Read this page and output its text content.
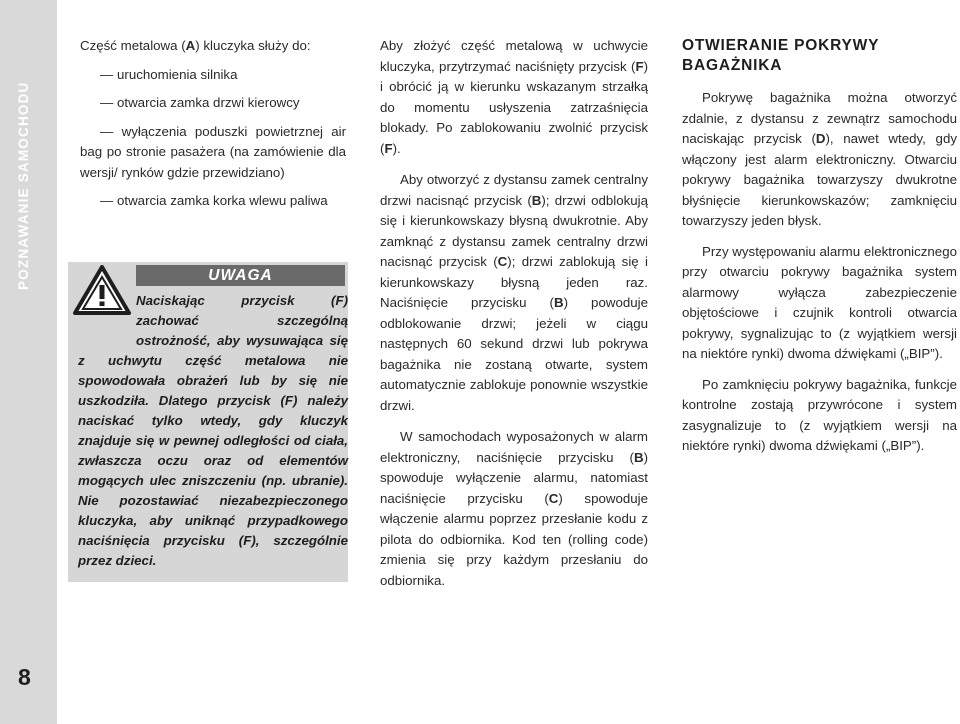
POZNAWANIE SAMOCHODU
8

Część metalowa (A) kluczyka służy do:

— uruchomienia silnika

— otwarcia zamka drzwi kierowcy

— wyłączenia poduszki powietrznej air bag po stronie pasażera (na zamówienie dla wersji/ rynków gdzie przewidziano)

— otwarcia zamka korka wlewu paliwa

UWAGA
Naciskając przycisk (F) zachować szczególną ostrożność, aby wysuwająca się z uchwytu część metalowa nie spowodowała obrażeń lub by się nie uszkodziła. Dlatego przycisk (F) należy naciskać tylko wtedy, gdy kluczyk znajduje się w pewnej odległości od ciała, zwłaszcza oczu oraz od elementów mogących ulec zniszczeniu (np. ubranie). Nie pozostawiać niezabezpieczonego kluczyka, aby uniknąć przypadkowego naciśnięcia przycisku (F), szczególnie przez dzieci.

Aby złożyć część metalową w uchwycie kluczyka, przytrzymać naciśnięty przycisk (F) i obrócić ją w kierunku wskazanym strzałką do momentu usłyszenia zatrzaśnięcia blokady. Po zablokowaniu zwolnić przycisk (F).

Aby otworzyć z dystansu zamek centralny drzwi nacisnąć przycisk (B); drzwi odblokują się i kierunkowskazy błysną dwukrotnie. Aby zamknąć z dystansu zamek centralny drzwi nacisnąć przycisk (C); drzwi zablokują się i kierunkowskazy błysną jeden raz. Naciśnięcie przycisku (B) powoduje odblokowanie drzwi; jeżeli w ciągu następnych 60 sekund drzwi lub pokrywa bagażnika nie zostaną otwarte, system automatycznie zablokuje ponownie wszystkie drzwi.

W samochodach wyposażonych w alarm elektroniczny, naciśnięcie przycisku (B) spowoduje wyłączenie alarmu, natomiast naciśnięcie przycisku (C) spowoduje włączenie alarmu poprzez przesłanie kodu z pilota do odbiornika. Kod ten (rolling code) zmienia się przy każdym przesłaniu do odbiornika.

OTWIERANIE POKRYWY
BAGAŻNIKA

Pokrywę bagażnika można otworzyć zdalnie, z dystansu z zewnątrz samochodu naciskając przycisk (D), nawet wtedy, gdy włączony jest alarm elektroniczny. Otwarciu pokrywy bagażnika towarzyszy dwukrotne błyśnięcie kierunkowskazów; zamknięciu towarzyszy jeden błysk.

Przy występowaniu alarmu elektronicznego przy otwarciu pokrywy bagażnika system alarmowy wyłącza zabezpieczenie objętościowe i czujnik kontroli otwarcia pokrywy, sygnalizując to (z wyjątkiem wersji na niektóre rynki) dwoma dźwiękami („BIP”).

Po zamknięciu pokrywy bagażnika, funkcje kontrolne zostają przywrócone i system zasygnalizuje to (z wyjątkiem wersji na niektóre rynki) dwoma dźwiękami („BIP”).
